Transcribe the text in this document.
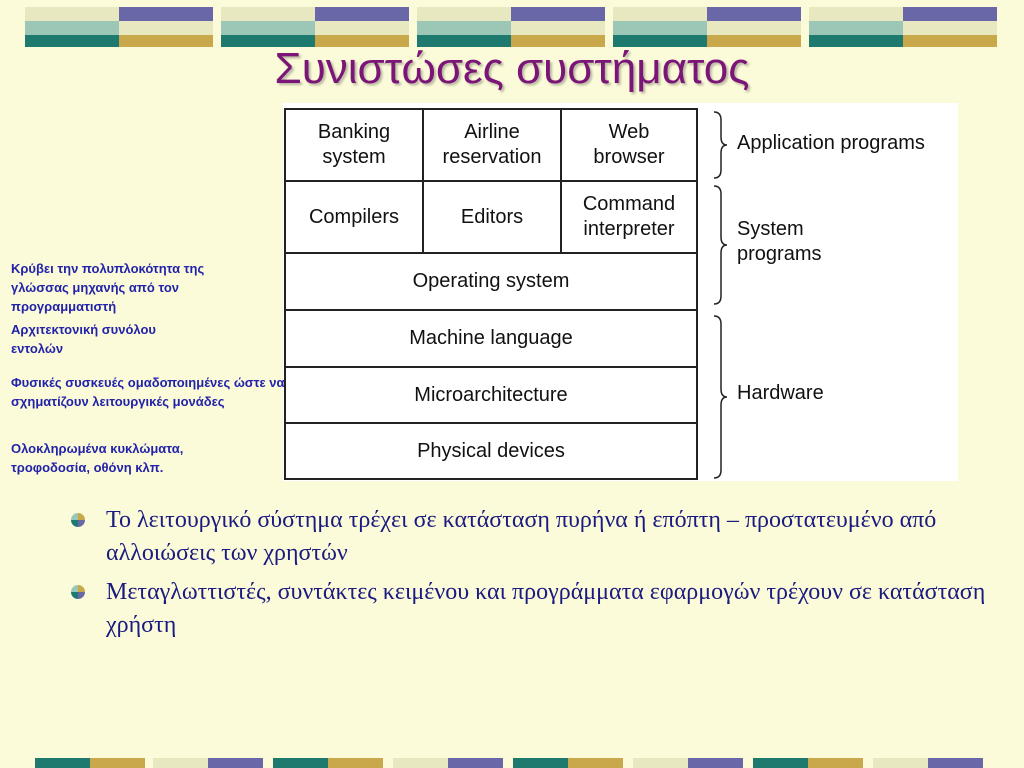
Συνιστώσες συστήματος
Banking
system
Airline
reservation
Web
browser
Compilers	Editors
Command
interpreter
Operating system
Machine language
Microarchitecture
Physical devices
Application programs
System
programs
Hardware
Κρύβει την πολυπλοκότητα της γλώσσας μηχανής από τον προγραμματιστή
Αρχιτεκτονική συνόλου εντολών
Φυσικές συσκευές ομαδοποιημένες ώστε να σχηματίζουν λειτουργικές μονάδες
Ολοκληρωμένα κυκλώματα, τροφοδοσία, οθόνη κλπ.
Το λειτουργικό σύστημα τρέχει σε κατάσταση πυρήνα ή επόπτη – προστατευμένο από αλλοιώσεις των χρηστών
Μεταγλωττιστές, συντάκτες κειμένου και προγράμματα εφαρμογών τρέχουν σε κατάσταση χρήστη
